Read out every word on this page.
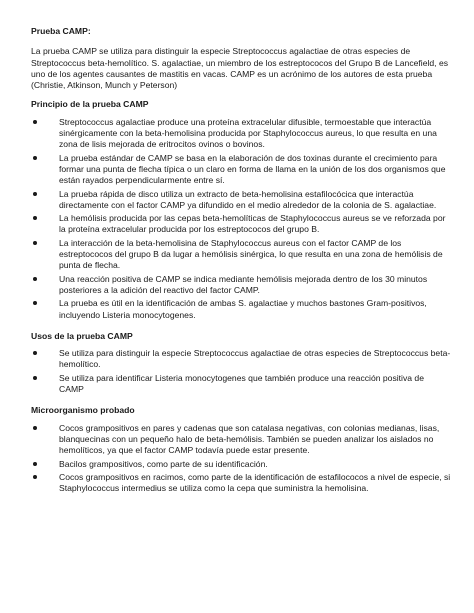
Prueba CAMP:

La prueba CAMP se utiliza para distinguir la especie Streptococcus agalactiae de otras especies de Streptococcus beta-hemolítico. S. agalactiae, un miembro de los estreptococos del Grupo B de Lancefield, es uno de los agentes causantes de mastitis en vacas. CAMP es un acrónimo de los autores de esta prueba (Christie, Atkinson, Munch y Peterson)

Principio de la prueba CAMP

Streptococcus agalactiae produce una proteína extracelular difusible, termoestable que interactúa sinérgicamente con la beta-hemolisina producida por Staphylococcus aureus, lo que resulta en una zona de lisis mejorada de eritrocitos ovinos o bovinos.
La prueba estándar de CAMP se basa en la elaboración de dos toxinas durante el crecimiento para formar una punta de flecha típica o un claro en forma de llama en la unión de los dos organismos que están rayados perpendicularmente entre sí.
La prueba rápida de disco utiliza un extracto de beta-hemolisina estafilocócica que interactúa directamente con el factor CAMP ya difundido en el medio alrededor de la colonia de S. agalactiae.
La hemólisis producida por las cepas beta-hemolíticas de Staphylococcus aureus se ve reforzada por la proteína extracelular producida por los estreptococos del grupo B.
La interacción de la beta-hemolisina de Staphylococcus aureus con el factor CAMP de los estreptococos del grupo B da lugar a hemólisis sinérgica, lo que resulta en una zona de hemólisis de punta de flecha.
Una reacción positiva de CAMP se indica mediante hemólisis mejorada dentro de los 30 minutos posteriores a la adición del reactivo del factor CAMP.
La prueba es útil en la identificación de ambas S. agalactiae y muchos bastones Gram-positivos, incluyendo Listeria monocytogenes.

Usos de la prueba CAMP

Se utiliza para distinguir la especie Streptococcus agalactiae de otras especies de Streptococcus beta-hemolítico.
Se utiliza para identificar Listeria monocytogenes que también produce una reacción positiva de CAMP

Microorganismo probado

Cocos grampositivos en pares y cadenas que son catalasa negativas, con colonias medianas, lisas, blanquecinas con un pequeño halo de beta-hemólisis. También se pueden analizar los aislados no hemolíticos, ya que el factor CAMP todavía puede estar presente.
Bacilos grampositivos, como parte de su identificación.
Cocos grampositivos en racimos, como parte de la identificación de estafilococos a nivel de especie, si Staphylococcus intermedius se utiliza como la cepa que suministra la hemolisina.
